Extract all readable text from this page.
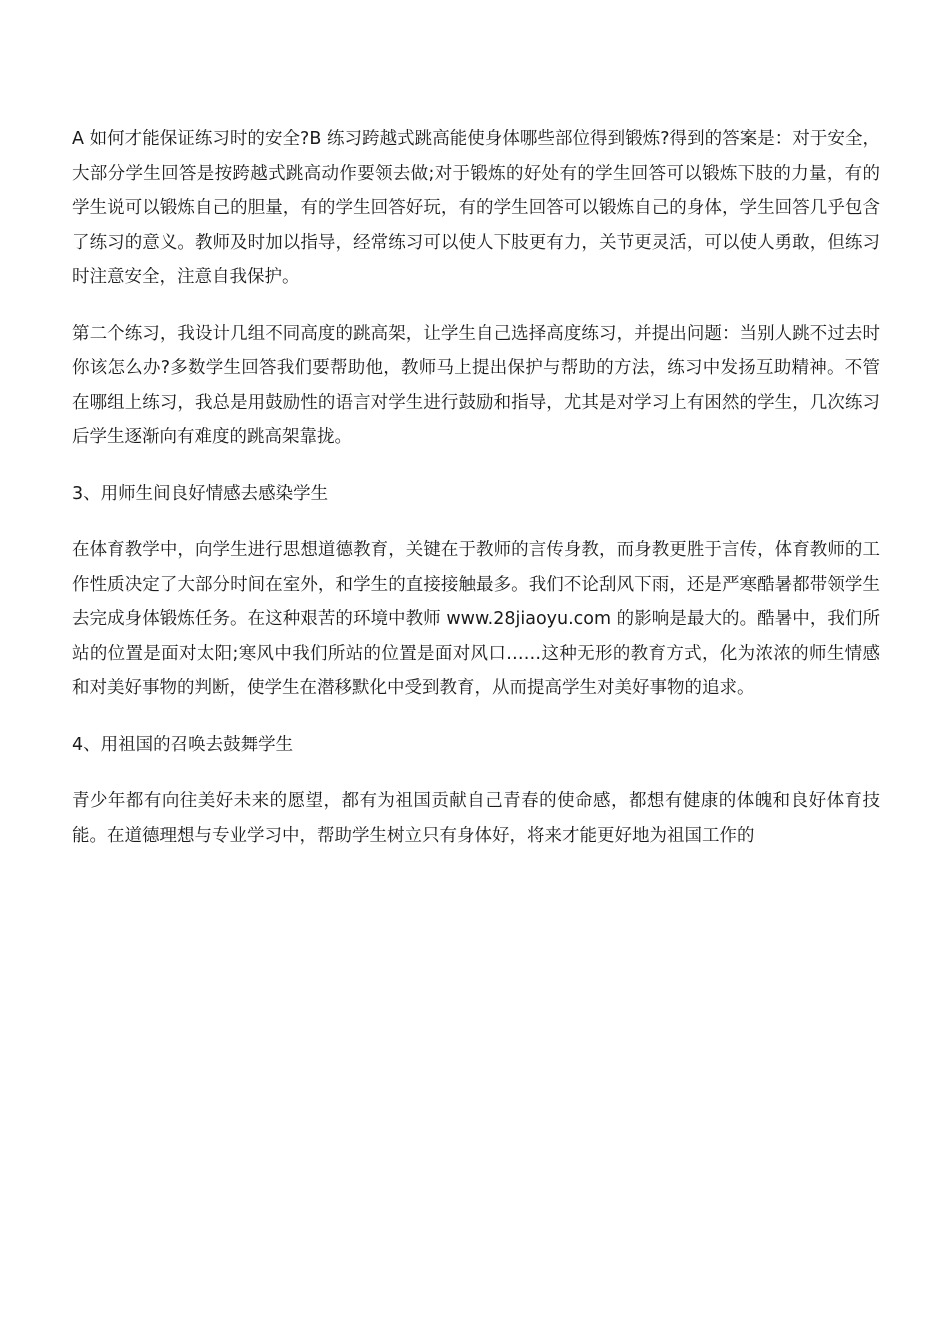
A 如何才能保证练习时的安全?B 练习跨越式跳高能使身体哪些部位得到锻炼?得到的答案是：对于安全，大部分学生回答是按跨越式跳高动作要领去做;对于锻炼的好处有的学生回答可以锻炼下肢的力量，有的学生说可以锻炼自己的胆量，有的学生回答好玩，有的学生回答可以锻炼自己的身体，学生回答几乎包含了练习的意义。教师及时加以指导，经常练习可以使人下肢更有力，关节更灵活，可以使人勇敢，但练习时注意安全，注意自我保护。

第二个练习，我设计几组不同高度的跳高架，让学生自己选择高度练习，并提出问题：当别人跳不过去时你该怎么办?多数学生回答我们要帮助他，教师马上提出保护与帮助的方法，练习中发扬互助精神。不管在哪组上练习，我总是用鼓励性的语言对学生进行鼓励和指导，尤其是对学习上有困然的学生，几次练习后学生逐渐向有难度的跳高架靠拢。

3、用师生间良好情感去感染学生

在体育教学中，向学生进行思想道德教育，关键在于教师的言传身教，而身教更胜于言传，体育教师的工作性质决定了大部分时间在室外，和学生的直接接触最多。我们不论刮风下雨，还是严寒酷暑都带领学生去完成身体锻炼任务。在这种艰苦的环境中教师 www.28jiaoyu.com 的影响是最大的。酷暑中，我们所站的位置是面对太阳;寒风中我们所站的位置是面对风口……这种无形的教育方式，化为浓浓的师生情感和对美好事物的判断，使学生在潜移默化中受到教育，从而提高学生对美好事物的追求。

4、用祖国的召唤去鼓舞学生

青少年都有向往美好未来的愿望，都有为祖国贡献自己青春的使命感，都想有健康的体魄和良好体育技能。在道德理想与专业学习中，帮助学生树立只有身体好，将来才能更好地为祖国工作的
